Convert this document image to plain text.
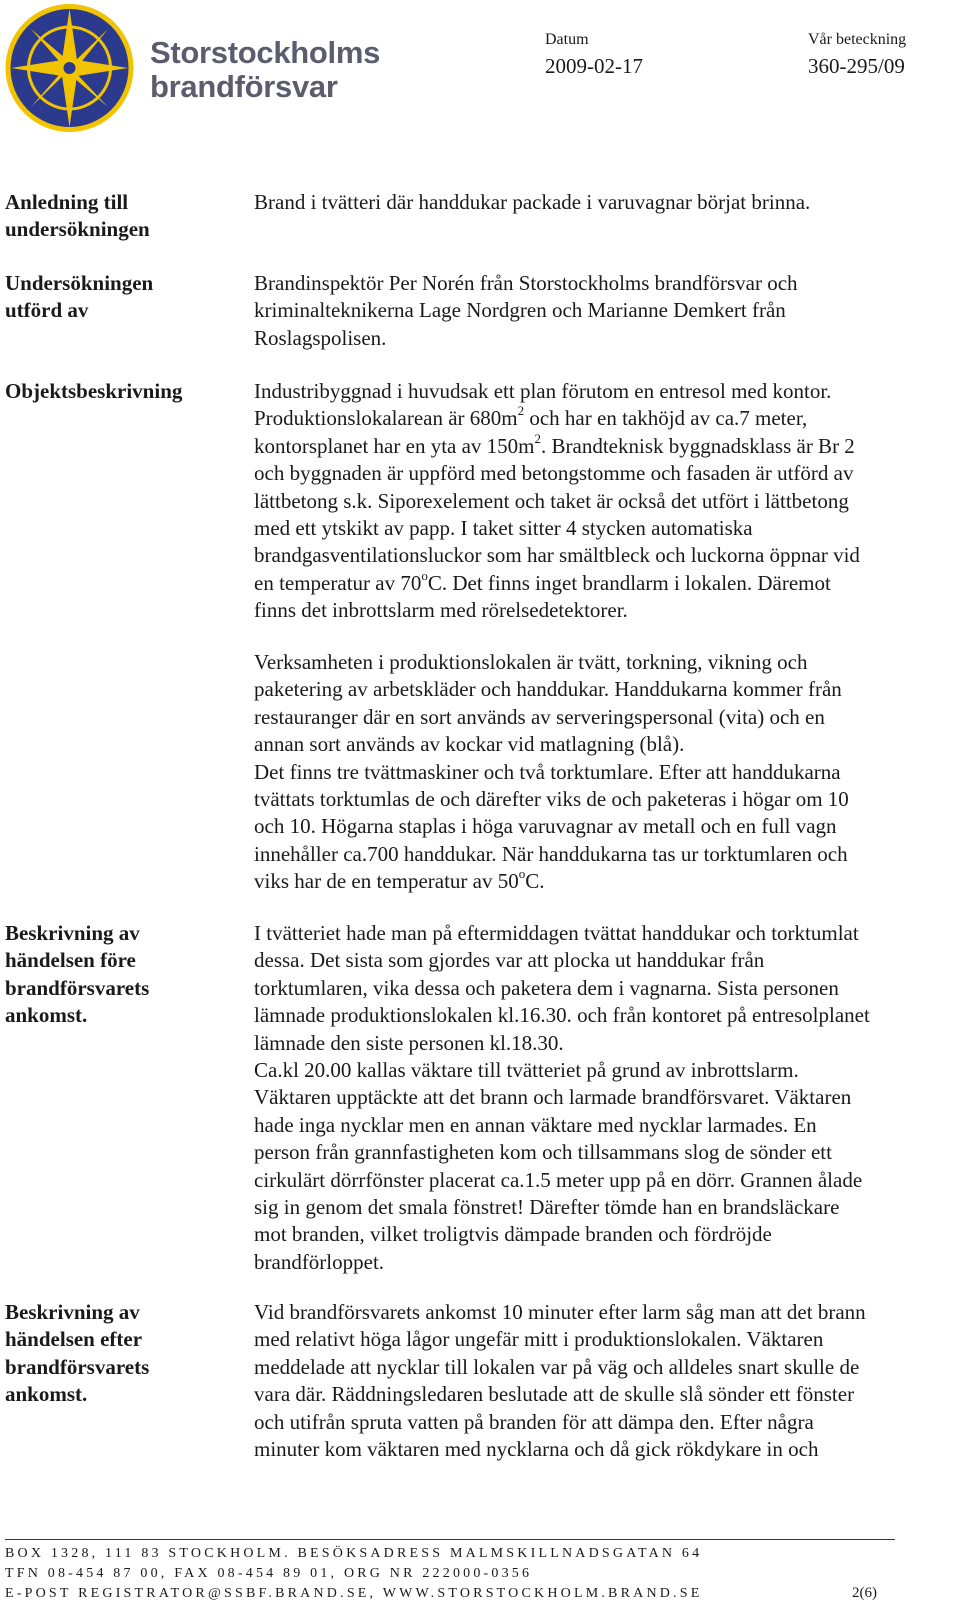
Storstockholms
brandförsvar
Datum
2009-02-17
Vår beteckning
360-295/09
Anledning till
undersökningen
Undersökningen
utförd av
Objektsbeskrivning
Beskrivning av
händelsen före
brandförsvarets
ankomst.
Beskrivning av
händelsen efter
brandförsvarets
ankomst.
Brand i tvätteri där handdukar packade i varuvagnar börjat brinna.
Brandinspektör Per Norén från Storstockholms brandförsvar och
kriminalteknikerna Lage Nordgren och Marianne Demkert från
Roslagspolisen.
Industribyggnad i huvudsak ett plan förutom en entresol med kontor.
Produktionslokalarean är $680m^2$ och har en takhöjd av ca.7 meter,
kontorsplanet har en yta av $150m^2$. Brandteknisk byggnadsklass är Br 2
och byggnaden är uppförd med betongstomme och fasaden är utförd av
lättbetong s.k. Siporexelement och taket är också det utfört i lättbetong
med ett ytskikt av papp. I taket sitter 4 stycken automatiska
brandgasventilationsluckor som har smältbleck och luckorna öppnar vid
en temperatur av 70$^o$C. Det finns inget brandlarm i lokalen. Däremot
finns det inbrottslarm med rörelsedetektorer.
Verksamheten i produktionslokalen är tvätt, torkning, vikning och
paketering av arbetskläder och handdukar. Handdukarna kommer från
restauranger där en sort används av serveringspersonal (vita) och en
annan sort används av kockar vid matlagning (blå).
Det finns tre tvättmaskiner och två torktumlare. Efter att handdukarna
tvättats torktumlas de och därefter viks de och paketeras i högar om 10
och 10. Högarna staplas i höga varuvagnar av metall och en full vagn
innehåller ca.700 handdukar. När handdukarna tas ur torktumlaren och
viks har de en temperatur av 50$^o$C.
I tvätteriet hade man på eftermiddagen tvättat handdukar och torktumlat
dessa. Det sista som gjordes var att plocka ut handdukar från
torktumlaren, vika dessa och paketera dem i vagnarna. Sista personen
lämnade produktionslokalen kl.16.30. och från kontoret på entresolplanet
lämnade den siste personen kl.18.30.
Ca.kl 20.00 kallas väktare till tvätteriet på grund av inbrottslarm.
Väktaren upptäckte att det brann och larmade brandförsvaret. Väktaren
hade inga nycklar men en annan väktare med nycklar larmades. En
person från grannfastigheten kom och tillsammans slog de sönder ett
cirkulärt dörrfönster placerat ca.1.5 meter upp på en dörr. Grannen ålade
sig in genom det smala fönstret! Därefter tömde han en brandsläckare
mot branden, vilket troligtvis dämpade branden och fördröjde
brandförloppet.
Vid brandförsvarets ankomst 10 minuter efter larm såg man att det brann
med relativt höga lågor ungefär mitt i produktionslokalen. Väktaren
meddelade att nycklar till lokalen var på väg och alldeles snart skulle de
vara där. Räddningsledaren beslutade att de skulle slå sönder ett fönster
och utifrån spruta vatten på branden för att dämpa den. Efter några
minuter kom väktaren med nycklarna och då gick rökdykare in och
BOX 1328, 111 83 STOCKHOLM. BESÖKSADRESS MALMSKILLNADSGATAN 64
TFN 08-454 87 00, FAX 08-454 89 01, ORG NR 222000-0356
E-POST REGISTRATOR@SSBF.BRAND.SE, WWW.STORSTOCKHOLM.BRAND.SE	2(6)
